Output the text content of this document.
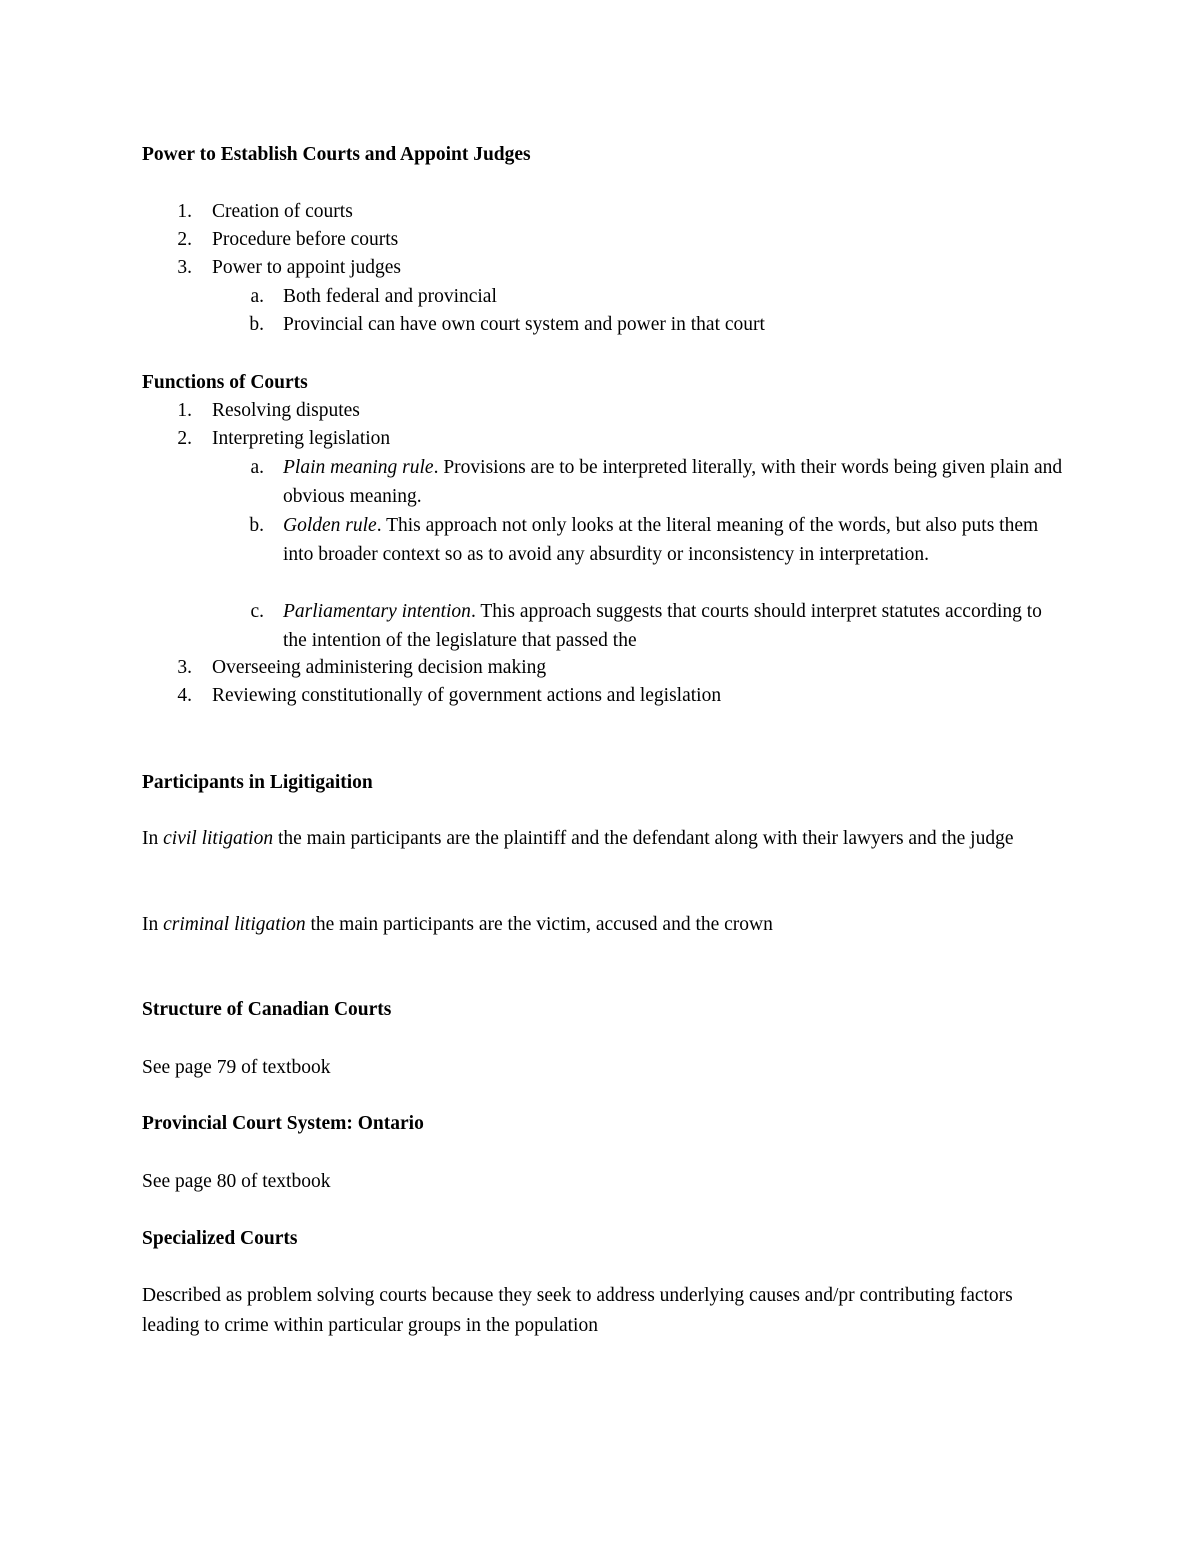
Power to Establish Courts and Appoint Judges
1. Creation of courts
2. Procedure before courts
3. Power to appoint judges
a. Both federal and provincial
b. Provincial can have own court system and power in that court
Functions of Courts
1. Resolving disputes
2. Interpreting legislation
a. Plain meaning rule. Provisions are to be interpreted literally, with their words being given plain and obvious meaning.
b. Golden rule. This approach not only looks at the literal meaning of the words, but also puts them into broader context so as to avoid any absurdity or inconsistency in interpretation.
c. Parliamentary intention. This approach suggests that courts should interpret statutes according to the intention of the legislature that passed the
3. Overseeing administering decision making
4. Reviewing constitutionally of government actions and legislation
Participants in Ligitigaition
In civil litigation the main participants are the plaintiff and the defendant along with their lawyers and the judge
In criminal litigation the main participants are the victim, accused and the crown
Structure of Canadian Courts
See page 79 of textbook
Provincial Court System: Ontario
See page 80 of textbook
Specialized Courts
Described as problem solving courts because they seek to address underlying causes and/pr contributing factors leading to crime within particular groups in the population
